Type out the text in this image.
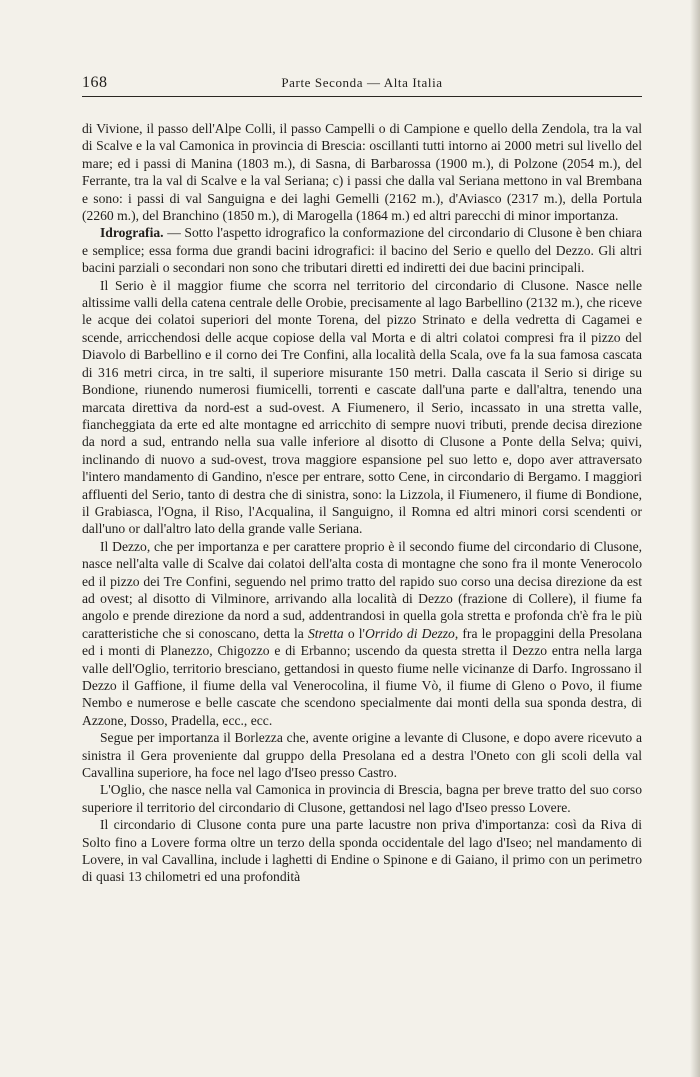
168	Parte Seconda — Alta Italia

di Vivione, il passo dell'Alpe Colli, il passo Campelli o di Campione e quello della Zendola, tra la val di Scalve e la val Camonica in provincia di Brescia: oscillanti tutti intorno ai 2000 metri sul livello del mare; ed i passi di Manina (1803 m.), di Sasna, di Barbarossa (1900 m.), di Polzone (2054 m.), del Ferrante, tra la val di Scalve e la val Seriana; c) i passi che dalla val Seriana mettono in val Brembana e sono: i passi di val Sanguigna e dei laghi Gemelli (2162 m.), d'Aviasco (2317 m.), della Portula (2260 m.), del Branchino (1850 m.), di Marogella (1864 m.) ed altri parecchi di minor importanza.

Idrografia. — Sotto l'aspetto idrografico la conformazione del circondario di Clusone è ben chiara e semplice; essa forma due grandi bacini idrografici: il bacino del Serio e quello del Dezzo. Gli altri bacini parziali o secondari non sono che tributari diretti ed indiretti dei due bacini principali.

Il Serio è il maggior fiume che scorra nel territorio del circondario di Clusone. Nasce nelle altissime valli della catena centrale delle Orobie, precisamente al lago Barbellino (2132 m.), che riceve le acque dei colatoi superiori del monte Torena, del pizzo Strinato e della vedretta di Cagamei e scende, arricchendosi delle acque copiose della val Morta e di altri colatoi compresi fra il pizzo del Diavolo di Barbellino e il corno dei Tre Confini, alla località della Scala, ove fa la sua famosa cascata di 316 metri circa, in tre salti, il superiore misurante 150 metri. Dalla cascata il Serio si dirige su Bondione, riunendo numerosi fiumicelli, torrenti e cascate dall'una parte e dall'altra, tenendo una marcata direttiva da nord-est a sud-ovest. A Fiumenero, il Serio, incassato in una stretta valle, fiancheggiata da erte ed alte montagne ed arricchito di sempre nuovi tributi, prende decisa direzione da nord a sud, entrando nella sua valle inferiore al disotto di Clusone a Ponte della Selva; quivi, inclinando di nuovo a sud-ovest, trova maggiore espansione pel suo letto e, dopo aver attraversato l'intero mandamento di Gandino, n'esce per entrare, sotto Cene, in circondario di Bergamo. I maggiori affluenti del Serio, tanto di destra che di sinistra, sono: la Lizzola, il Fiumenero, il fiume di Bondione, il Grabiasca, l'Ogna, il Riso, l'Acqualina, il Sanguigno, il Romna ed altri minori corsi scendenti or dall'uno or dall'altro lato della grande valle Seriana.

Il Dezzo, che per importanza e per carattere proprio è il secondo fiume del circondario di Clusone, nasce nell'alta valle di Scalve dai colatoi dell'alta costa di montagne che sono fra il monte Venerocolo ed il pizzo dei Tre Confini, seguendo nel primo tratto del rapido suo corso una decisa direzione da est ad ovest; al disotto di Vilminore, arrivando alla località di Dezzo (frazione di Collere), il fiume fa angolo e prende direzione da nord a sud, addentrandosi in quella gola stretta e profonda ch'è fra le più caratteristiche che si conoscano, detta la Stretta o l'Orrido di Dezzo, fra le propaggini della Presolana ed i monti di Planezzo, Chigozzo e di Erbanno; uscendo da questa stretta il Dezzo entra nella larga valle dell'Oglio, territorio bresciano, gettandosi in questo fiume nelle vicinanze di Darfo. Ingrossano il Dezzo il Gaffione, il fiume della val Venerocolina, il fiume Vò, il fiume di Gleno o Povo, il fiume Nembo e numerose e belle cascate che scendono specialmente dai monti della sua sponda destra, di Azzone, Dosso, Pradella, ecc., ecc.

Segue per importanza il Borlezza che, avente origine a levante di Clusone, e dopo avere ricevuto a sinistra il Gera proveniente dal gruppo della Presolana ed a destra l'Oneto con gli scoli della val Cavallina superiore, ha foce nel lago d'Iseo presso Castro.

L'Oglio, che nasce nella val Camonica in provincia di Brescia, bagna per breve tratto del suo corso superiore il territorio del circondario di Clusone, gettandosi nel lago d'Iseo presso Lovere.

Il circondario di Clusone conta pure una parte lacustre non priva d'importanza: così da Riva di Solto fino a Lovere forma oltre un terzo della sponda occidentale del lago d'Iseo; nel mandamento di Lovere, in val Cavallina, include i laghetti di Endine o Spinone e di Gaiano, il primo con un perimetro di quasi 13 chilometri ed una profondità
